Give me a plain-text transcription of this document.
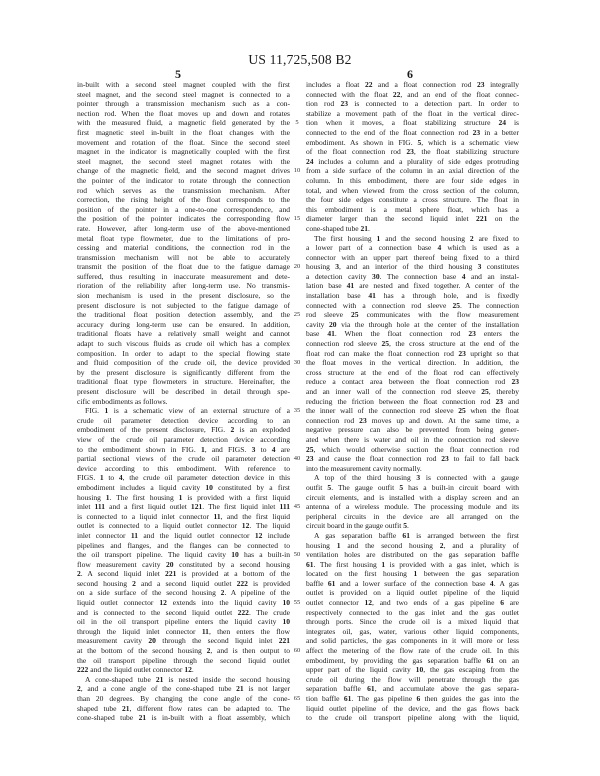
US 11,725,508 B2
5	6
in-built with a second steel magnet coupled with the first
steel magnet, and the second steel magnet is connected to a
pointer through a transmission mechanism such as a con-
nection rod. When the float moves up and down and rotates
with the measured fluid, a magnetic field generated by the
first magnetic steel in-built in the float changes with the
movement and rotation of the float. Since the second steel
magnet in the indicator is magnetically coupled with the first
steel magnet, the second steel magnet rotates with the
change of the magnetic field, and the second magnet drives
the pointer of the indicator to rotate through the connection
rod which serves as the transmission mechanism. After
correction, the rising height of the float corresponds to the
position of the pointer in a one-to-one correspondence, and
the position of the pointer indicates the corresponding flow
rate. However, after long-term use of the above-mentioned
metal float type flowmeter, due to the limitations of pro-
cessing and material conditions, the connection rod in the
transmission mechanism will not be able to accurately
transmit the position of the float due to the fatigue damage
suffered, thus resulting in inaccurate measurement and dete-
rioration of the reliability after long-term use. No transmis-
sion mechanism is used in the present disclosure, so the
present disclosure is not subjected to the fatigue damage of
the traditional float position detection assembly, and the
accuracy during long-term use can be ensured. In addition,
traditional floats have a relatively small weight and cannot
adapt to such viscous fluids as crude oil which has a complex
composition. In order to adapt to the special flowing state
and fluid composition of the crude oil, the device provided
by the present disclosure is significantly different from the
traditional float type flowmeters in structure. Hereinafter, the
present disclosure will be described in detail through spe-
cific embodiments as follows.
FIG. 1 is a schematic view of an external structure of a
crude oil parameter detection device according to an
embodiment of the present disclosure, FIG. 2 is an exploded
view of the crude oil parameter detection device according
to the embodiment shown in FIG. 1, and FIGS. 3 to 4 are
partial sectional views of the crude oil parameter detection
device according to this embodiment. With reference to
FIGS. 1 to 4, the crude oil parameter detection device in this
embodiment includes a liquid cavity 10 constituted by a first
housing 1. The first housing 1 is provided with a first liquid
inlet 111 and a first liquid outlet 121. The first liquid inlet 111
is connected to a liquid inlet connector 11, and the first liquid
outlet is connected to a liquid outlet connector 12. The liquid
inlet connector 11 and the liquid outlet connector 12 include
pipelines and flanges, and the flanges can be connected to
the oil transport pipeline. The liquid cavity 10 has a built-in
flow measurement cavity 20 constituted by a second housing
2. A second liquid inlet 221 is provided at a bottom of the
second housing 2 and a second liquid outlet 222 is provided
on a side surface of the second housing 2. A pipeline of the
liquid outlet connector 12 extends into the liquid cavity 10
and is connected to the second liquid outlet 222. The crude
oil in the oil transport pipeline enters the liquid cavity 10
through the liquid inlet connector 11, then enters the flow
measurement cavity 20 through the second liquid inlet 221
at the bottom of the second housing 2, and is then output to
the oil transport pipeline through the second liquid outlet
222 and the liquid outlet connector 12.
A cone-shaped tube 21 is nested inside the second housing
2, and a cone angle of the cone-shaped tube 21 is not larger
than 20 degrees. By changing the cone angle of the cone-
shaped tube 21, different flow rates can be adapted to. The
cone-shaped tube 21 is in-built with a float assembly, which
includes a float 22 and a float connection rod 23 integrally
connected with the float 22, and an end of the float connec-
tion rod 23 is connected to a detection part. In order to
stabilize a movement path of the float in the vertical direc-
tion when it moves, a float stabilizing structure 24 is
connected to the end of the float connection rod 23 in a better
embodiment. As shown in FIG. 5, which is a schematic view
of the float connection rod 23, the float stabilizing structure
24 includes a column and a plurality of side edges protruding
from a side surface of the column in an axial direction of the
column. In this embodiment, there are four side edges in
total, and when viewed from the cross section of the column,
the four side edges constitute a cross structure. The float in
this embodiment is a metal sphere float, which has a
diameter larger than the second liquid inlet 221 on the
cone-shaped tube 21.
The first housing 1 and the second housing 2 are fixed to
a lower part of a connection base 4 which is used as a
connector with an upper part thereof being fixed to a third
housing 3, and an interior of the third housing 3 constitutes
a detection cavity 30. The connection base 4 and an instal-
lation base 41 are nested and fixed together. A center of the
installation base 41 has a through hole, and is fixedly
connected with a connection rod sleeve 25. The connection
rod sleeve 25 communicates with the flow measurement
cavity 20 via the through hole at the center of the installation
base 41. When the float connection rod 23 enters the
connection rod sleeve 25, the cross structure at the end of the
float rod can make the float connection rod 23 upright so that
the float moves in the vertical direction. In addition, the
cross structure at the end of the float rod can effectively
reduce a contact area between the float connection rod 23
and an inner wall of the connection rod sleeve 25, thereby
reducing the friction between the float connection rod 23 and
the inner wall of the connection rod sleeve 25 when the float
connection rod 23 moves up and down. At the same time, a
negative pressure can also be prevented from being gener-
ated when there is water and oil in the connection rod sleeve
25, which would otherwise suction the float connection rod
23 and cause the float connection rod 23 to fail to fall back
into the measurement cavity normally.
A top of the third housing 3 is connected with a gauge
outfit 5. The gauge outfit 5 has a built-in circuit board with
circuit elements, and is installed with a display screen and an
antenna of a wireless module. The processing module and its
peripheral circuits in the device are all arranged on the
circuit board in the gauge outfit 5.
A gas separation baffle 61 is arranged between the first
housing 1 and the second housing 2, and a plurality of
ventilation holes are distributed on the gas separation baffle
61. The first housing 1 is provided with a gas inlet, which is
located on the first housing 1 between the gas separation
baffle 61 and a lower surface of the connection base 4. A gas
outlet is provided on a liquid outlet pipeline of the liquid
outlet connector 12, and two ends of a gas pipeline 6 are
respectively connected to the gas inlet and the gas outlet
through ports. Since the crude oil is a mixed liquid that
integrates oil, gas, water, various other liquid components,
and solid particles, the gas components in it will more or less
affect the metering of the flow rate of the crude oil. In this
embodiment, by providing the gas separation baffle 61 on an
upper part of the liquid cavity 10, the gas escaping from the
crude oil during the flow will penetrate through the gas
separation baffle 61, and accumulate above the gas separa-
tion baffle 61. The gas pipeline 6 then guides the gas into the
liquid outlet pipeline of the device, and the gas flows back
to the crude oil transport pipeline along with the liquid,
5
10
15
20
25
30
35
40
45
50
55
60
65
